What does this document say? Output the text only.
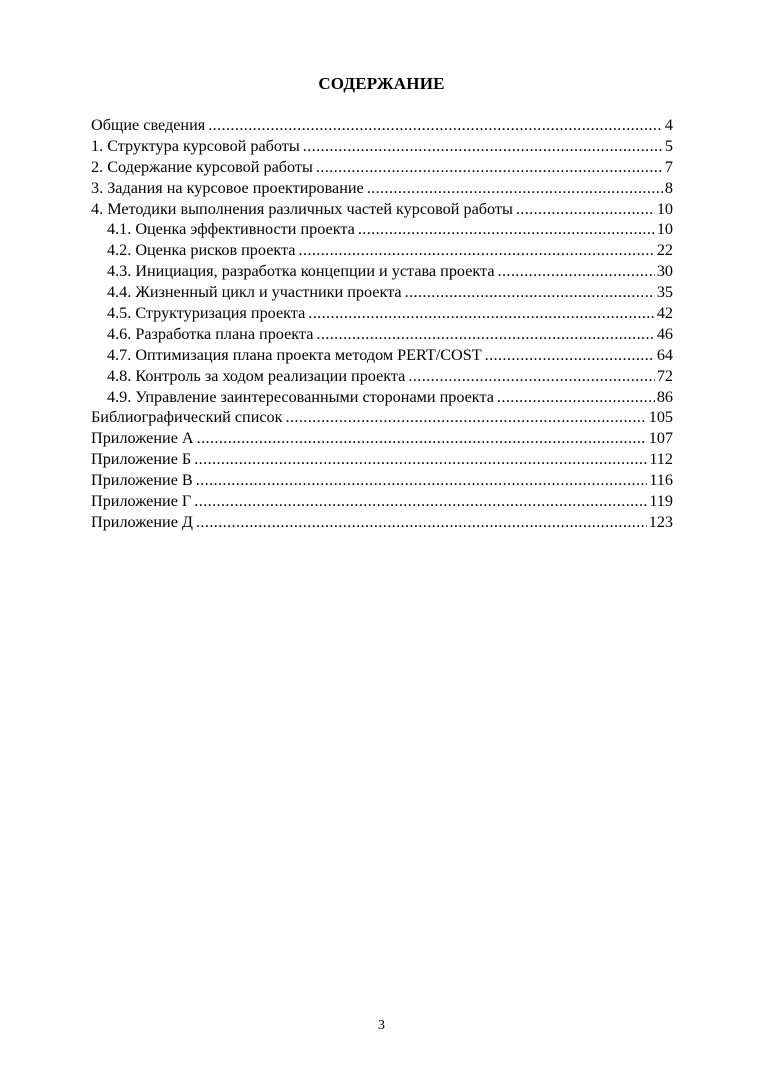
СОДЕРЖАНИЕ
Общие сведения .....	4
1. Структура курсовой работы .....	5
2. Содержание курсовой работы .....	7
3. Задания на курсовое проектирование .....	8
4. Методики выполнения различных частей курсовой работы .....	10
4.1. Оценка эффективности проекта .....	10
4.2. Оценка рисков проекта .....	22
4.3. Инициация, разработка концепции и устава проекта .....	30
4.4. Жизненный цикл и участники проекта .....	35
4.5. Структуризация проекта .....	42
4.6. Разработка плана проекта .....	46
4.7. Оптимизация плана проекта методом PERT/COST .....	64
4.8. Контроль за ходом реализации проекта .....	72
4.9. Управление заинтересованными сторонами проекта .....	86
Библиографический список .....	105
Приложение А .....	107
Приложение Б .....	112
Приложение В .....	116
Приложение Г .....	119
Приложение Д .....	123
3
